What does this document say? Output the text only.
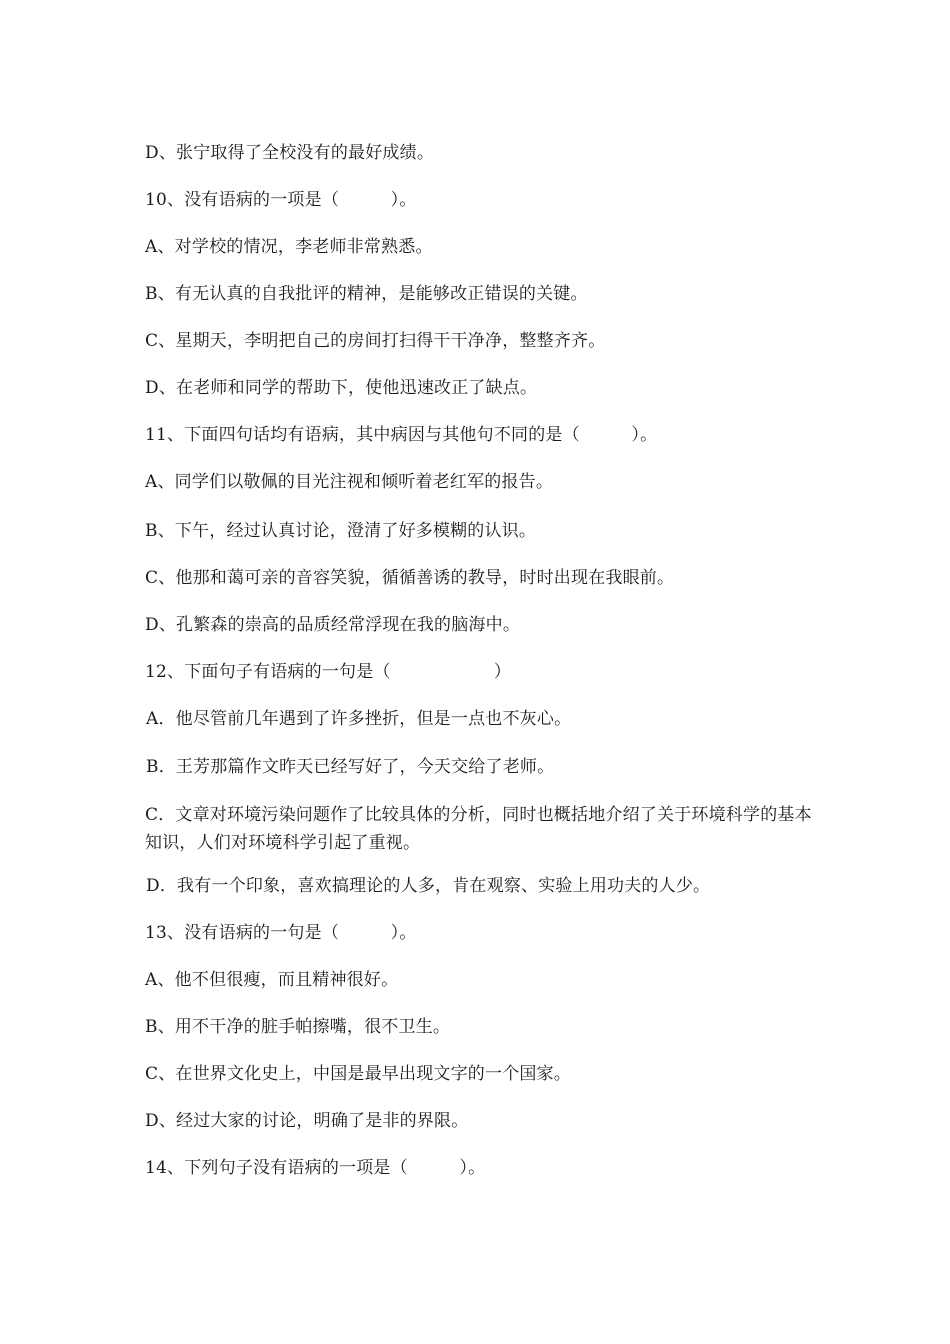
D、张宁取得了全校没有的最好成绩。

10、没有语病的一项是（　　　）。

A、对学校的情况，李老师非常熟悉。

B、有无认真的自我批评的精神，是能够改正错误的关键。

C、星期天，李明把自己的房间打扫得干干净净，整整齐齐。

D、在老师和同学的帮助下，使他迅速改正了缺点。

11、下面四句话均有语病，其中病因与其他句不同的是（　　　）。

A、同学们以敬佩的目光注视和倾听着老红军的报告。

B、下午，经过认真讨论，澄清了好多模糊的认识。

C、他那和蔼可亲的音容笑貌，循循善诱的教导，时时出现在我眼前。

D、孔繁森的崇高的品质经常浮现在我的脑海中。

12、下面句子有语病的一句是（　　　　　　）

A．他尽管前几年遇到了许多挫折，但是一点也不灰心。

B．王芳那篇作文昨天已经写好了，今天交给了老师。

C．文章对环境污染问题作了比较具体的分析，同时也概括地介绍了关于环境科学的基本知识，人们对环境科学引起了重视。

D．我有一个印象，喜欢搞理论的人多，肯在观察、实验上用功夫的人少。

13、没有语病的一句是（　　　）。

A、他不但很瘦，而且精神很好。

B、用不干净的脏手帕擦嘴，很不卫生。

C、在世界文化史上，中国是最早出现文字的一个国家。

D、经过大家的讨论，明确了是非的界限。

14、下列句子没有语病的一项是（　　　）。
